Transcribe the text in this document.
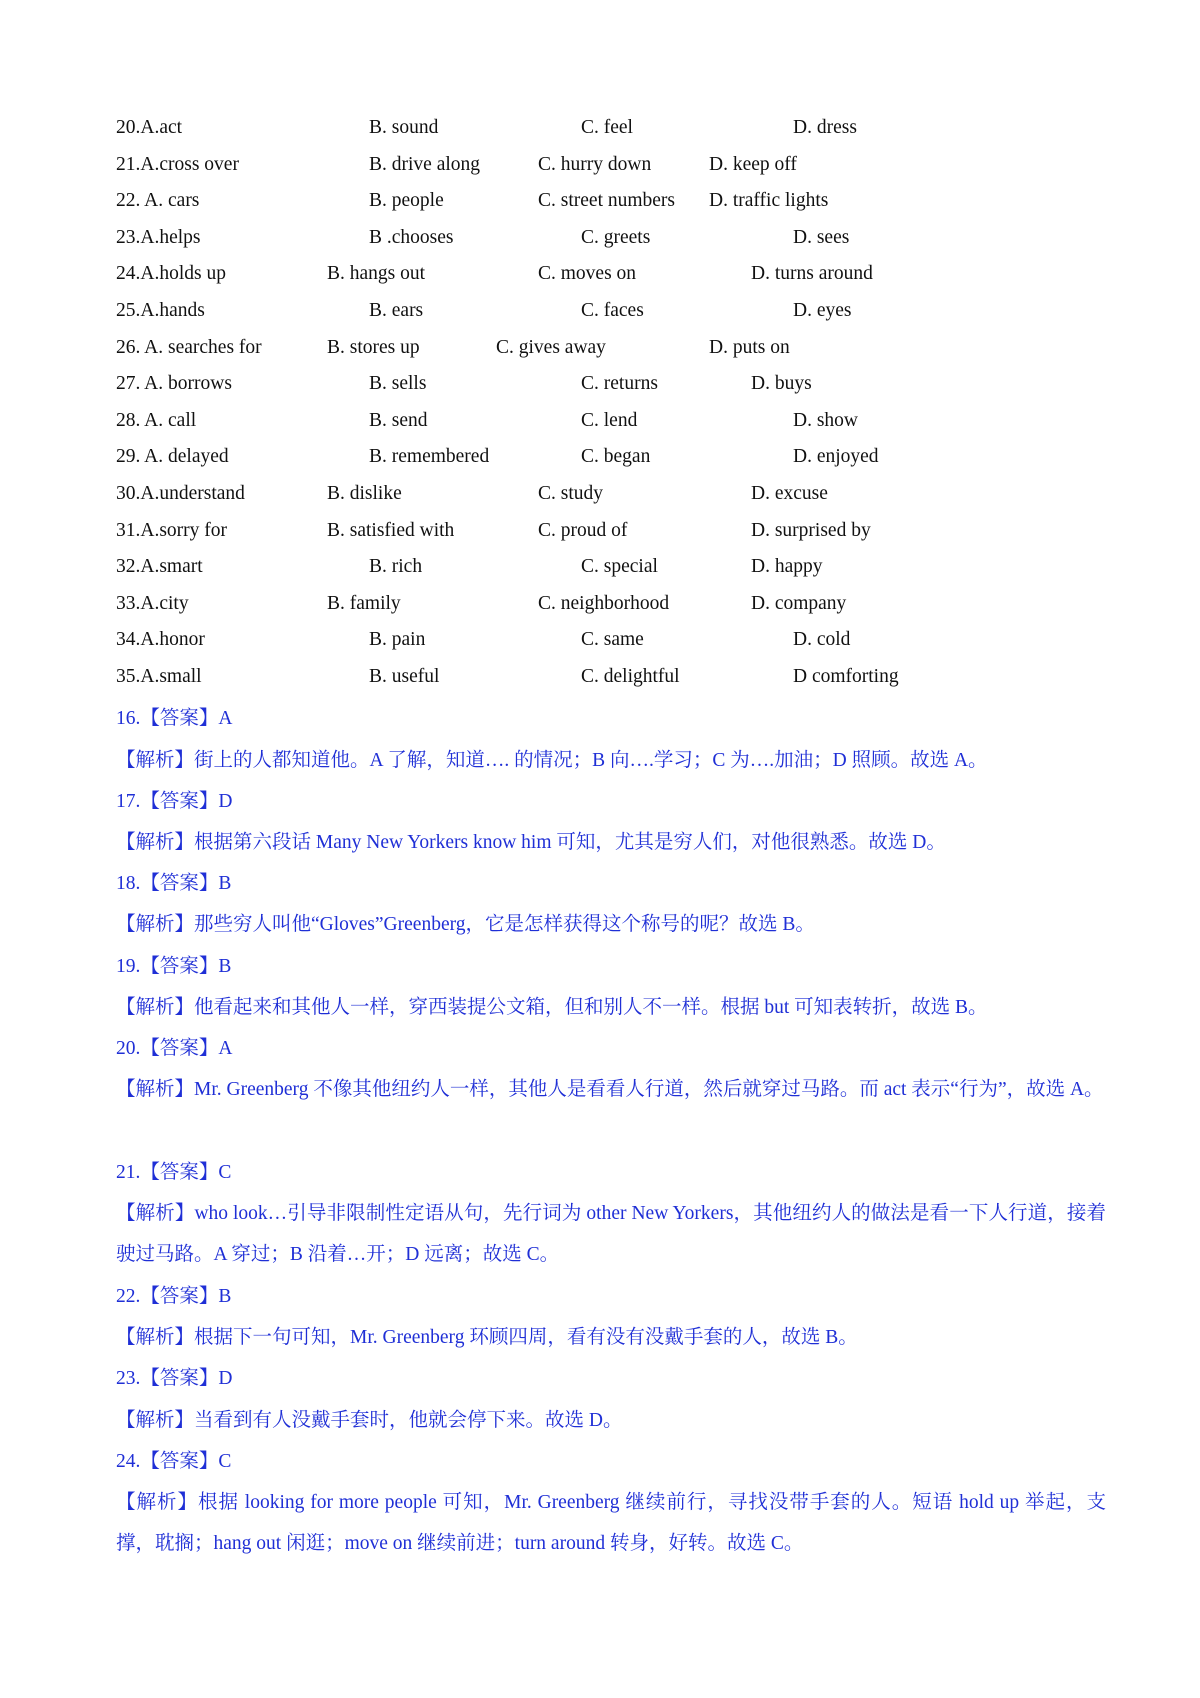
20.A.act	B. sound	C. feel	D. dress
21.A.cross over	B. drive along	C. hurry down	D. keep off
22. A. cars	B. people	C. street numbers D. traffic lights
23.A.helps	B .chooses	C. greets	D. sees
24.A.holds up	B. hangs out	C. moves on	D. turns around
25.A.hands	B. ears	C. faces	D. eyes
26. A. searches for	B. stores up	C. gives away	D. puts on
27. A. borrows	B. sells	C. returns	D. buys
28. A. call	B. send	C. lend	D. show
29. A. delayed	B. remembered	C. began	D. enjoyed
30.A.understand	B. dislike	C. study	D. excuse
31.A.sorry for	B. satisfied with	C. proud of	D. surprised by
32.A.smart	B. rich	C. special	D. happy
33.A.city	B. family	C. neighborhood	D. company
34.A.honor	B. pain	C. same	D. cold
35.A.small	B. useful	C. delightful	D comforting
16.【答案】A
【解析】街上的人都知道他。A 了解，知道…. 的情况；B 向….学习；C 为….加油；D 照顾。故选 A。
17.【答案】D
【解析】根据第六段话 Many New Yorkers know him 可知，尤其是穷人们，对他很熟悉。故选 D。
18.【答案】B
【解析】那些穷人叫他“Gloves”Greenberg，它是怎样获得这个称号的呢？故选 B。
19.【答案】B
【解析】他看起来和其他人一样，穿西装提公文箱，但和别人不一样。根据 but 可知表转折，故选 B。
20.【答案】A
【解析】Mr. Greenberg 不像其他纽约人一样，其他人是看看人行道，然后就穿过马路。而 act 表示“行为”，故选 A。
21.【答案】C
【解析】who look…引导非限制性定语从句，先行词为 other New Yorkers，其他纽约人的做法是看一下人行道，接着驶过马路。A 穿过；B 沿着…开；D 远离；故选 C。
22.【答案】B
【解析】根据下一句可知，Mr. Greenberg 环顾四周，看有没有没戴手套的人，故选 B。
23.【答案】D
【解析】当看到有人没戴手套时，他就会停下来。故选 D。
24.【答案】C
【解析】根据 looking for more people 可知，Mr. Greenberg 继续前行，寻找没带手套的人。短语 hold up 举起，支撑，耽搁；hang out 闲逛；move on 继续前进；turn around 转身，好转。故选 C。
